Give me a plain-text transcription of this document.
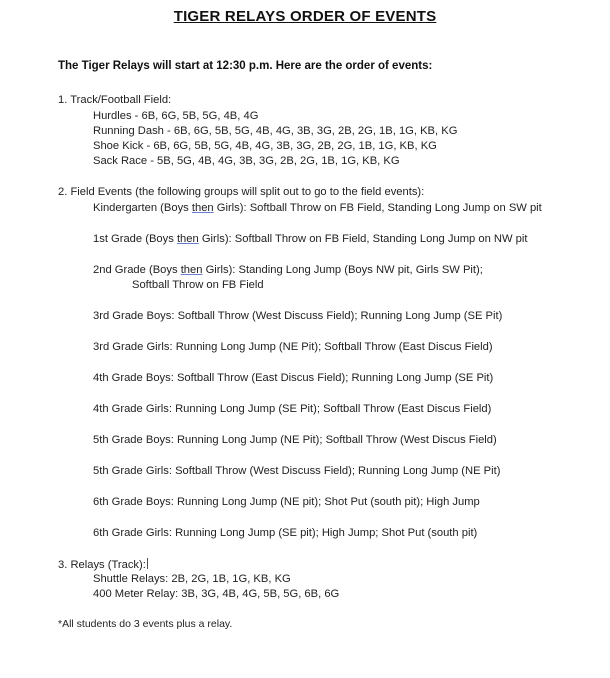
TIGER RELAYS ORDER OF EVENTS
The Tiger Relays will start at 12:30 p.m. Here are the order of events:
1. Track/Football Field:
Hurdles - 6B, 6G, 5B, 5G, 4B, 4G
Running Dash - 6B, 6G, 5B, 5G, 4B, 4G, 3B, 3G, 2B, 2G, 1B, 1G, KB, KG
Shoe Kick - 6B, 6G, 5B, 5G, 4B, 4G, 3B, 3G, 2B, 2G, 1B, 1G, KB, KG
Sack Race - 5B, 5G, 4B, 4G, 3B, 3G, 2B, 2G, 1B, 1G, KB, KG
2. Field Events (the following groups will split out to go to the field events):
Kindergarten (Boys then Girls): Softball Throw on FB Field, Standing Long Jump on SW pit
1st Grade (Boys then Girls): Softball Throw on FB Field, Standing Long Jump on NW pit
2nd Grade (Boys then Girls): Standing Long Jump (Boys NW pit, Girls SW Pit);
Softball Throw on FB Field
3rd Grade Boys: Softball Throw (West Discuss Field); Running Long Jump (SE Pit)
3rd Grade Girls: Running Long Jump (NE Pit); Softball Throw (East Discus Field)
4th Grade Boys: Softball Throw (East Discus Field); Running Long Jump (SE Pit)
4th Grade Girls: Running Long Jump (SE Pit); Softball Throw (East Discus Field)
5th Grade Boys: Running Long Jump (NE Pit); Softball Throw (West Discus Field)
5th Grade Girls: Softball Throw (West Discuss Field); Running Long Jump (NE Pit)
6th Grade Boys: Running Long Jump (NE pit); Shot Put (south pit); High Jump
6th Grade Girls: Running Long Jump (SE pit); High Jump; Shot Put (south pit)
3. Relays (Track):
Shuttle Relays: 2B, 2G, 1B, 1G, KB, KG
400 Meter Relay: 3B, 3G, 4B, 4G, 5B, 5G, 6B, 6G
*All students do 3 events plus a relay.
